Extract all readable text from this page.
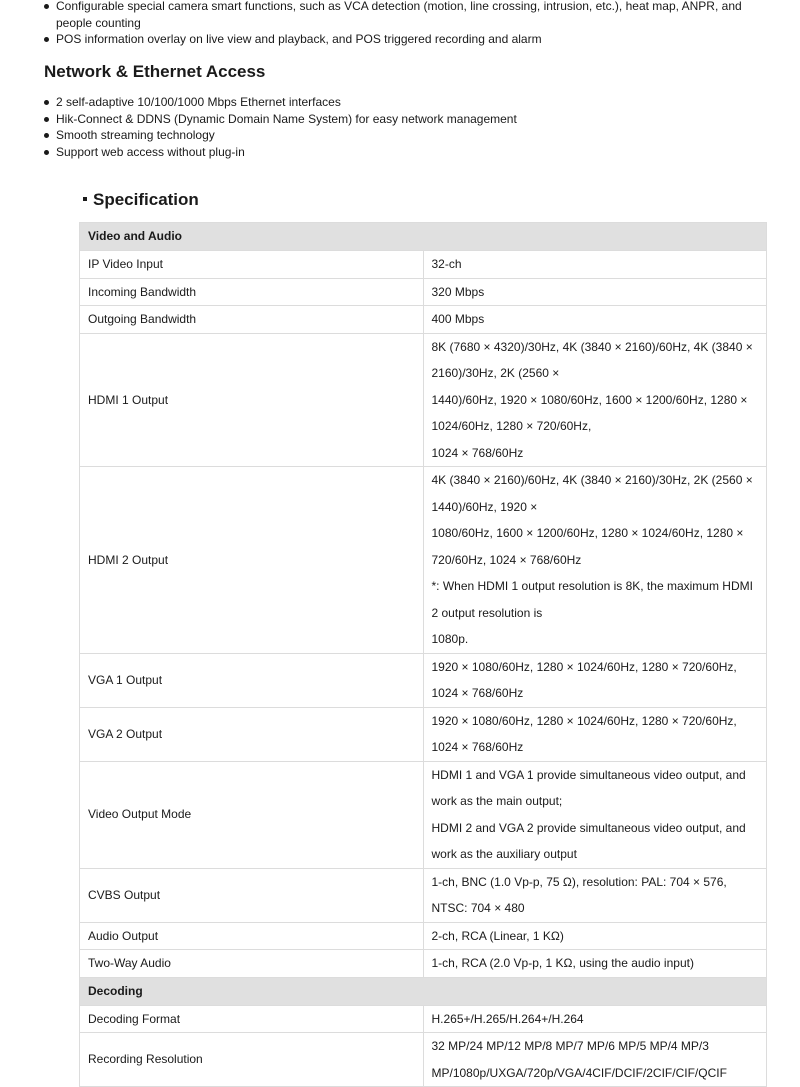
Configurable special camera smart functions, such as VCA detection (motion, line crossing, intrusion, etc.), heat map, ANPR, and people counting
POS information overlay on live view and playback, and POS triggered recording and alarm
Network & Ethernet Access
2 self-adaptive 10/100/1000 Mbps Ethernet interfaces
Hik-Connect & DDNS (Dynamic Domain Name System) for easy network management
Smooth streaming technology
Support web access without plug-in
Specification
Video and Audio	
IP Video Input	32-ch

Incoming Bandwidth	320 Mbps

Outgoing Bandwidth	400 Mbps

HDMI 1 Output	8K (7680 × 4320)/30Hz, 4K (3840 × 2160)/60Hz, 4K (3840 × 2160)/30Hz, 2K (2560 ×
1440)/60Hz, 1920 × 1080/60Hz, 1600 × 1200/60Hz, 1280 × 1024/60Hz, 1280 × 720/60Hz,
1024 × 768/60Hz

HDMI 2 Output	4K (3840 × 2160)/60Hz, 4K (3840 × 2160)/30Hz, 2K (2560 × 1440)/60Hz, 1920 ×
1080/60Hz, 1600 × 1200/60Hz, 1280 × 1024/60Hz, 1280 × 720/60Hz, 1024 × 768/60Hz
*: When HDMI 1 output resolution is 8K, the maximum HDMI 2 output resolution is
1080p.

VGA 1 Output	1920 × 1080/60Hz, 1280 × 1024/60Hz, 1280 × 720/60Hz, 1024 × 768/60Hz

VGA 2 Output	1920 × 1080/60Hz, 1280 × 1024/60Hz, 1280 × 720/60Hz, 1024 × 768/60Hz

Video Output Mode	HDMI 1 and VGA 1 provide simultaneous video output, and work as the main output;
HDMI 2 and VGA 2 provide simultaneous video output, and work as the auxiliary output

CVBS Output	1-ch, BNC (1.0 Vp-p, 75 Ω), resolution: PAL: 704 × 576, NTSC: 704 × 480

Audio Output	2-ch, RCA (Linear, 1 KΩ)

Two-Way Audio	1-ch, RCA (2.0 Vp-p, 1 KΩ, using the audio input)

Decoding	
Decoding Format	H.265+/H.265/H.264+/H.264

Recording Resolution	32 MP/24 MP/12 MP/8 MP/7 MP/6 MP/5 MP/4 MP/3
MP/1080p/UXGA/720p/VGA/4CIF/DCIF/2CIF/CIF/QCIF
